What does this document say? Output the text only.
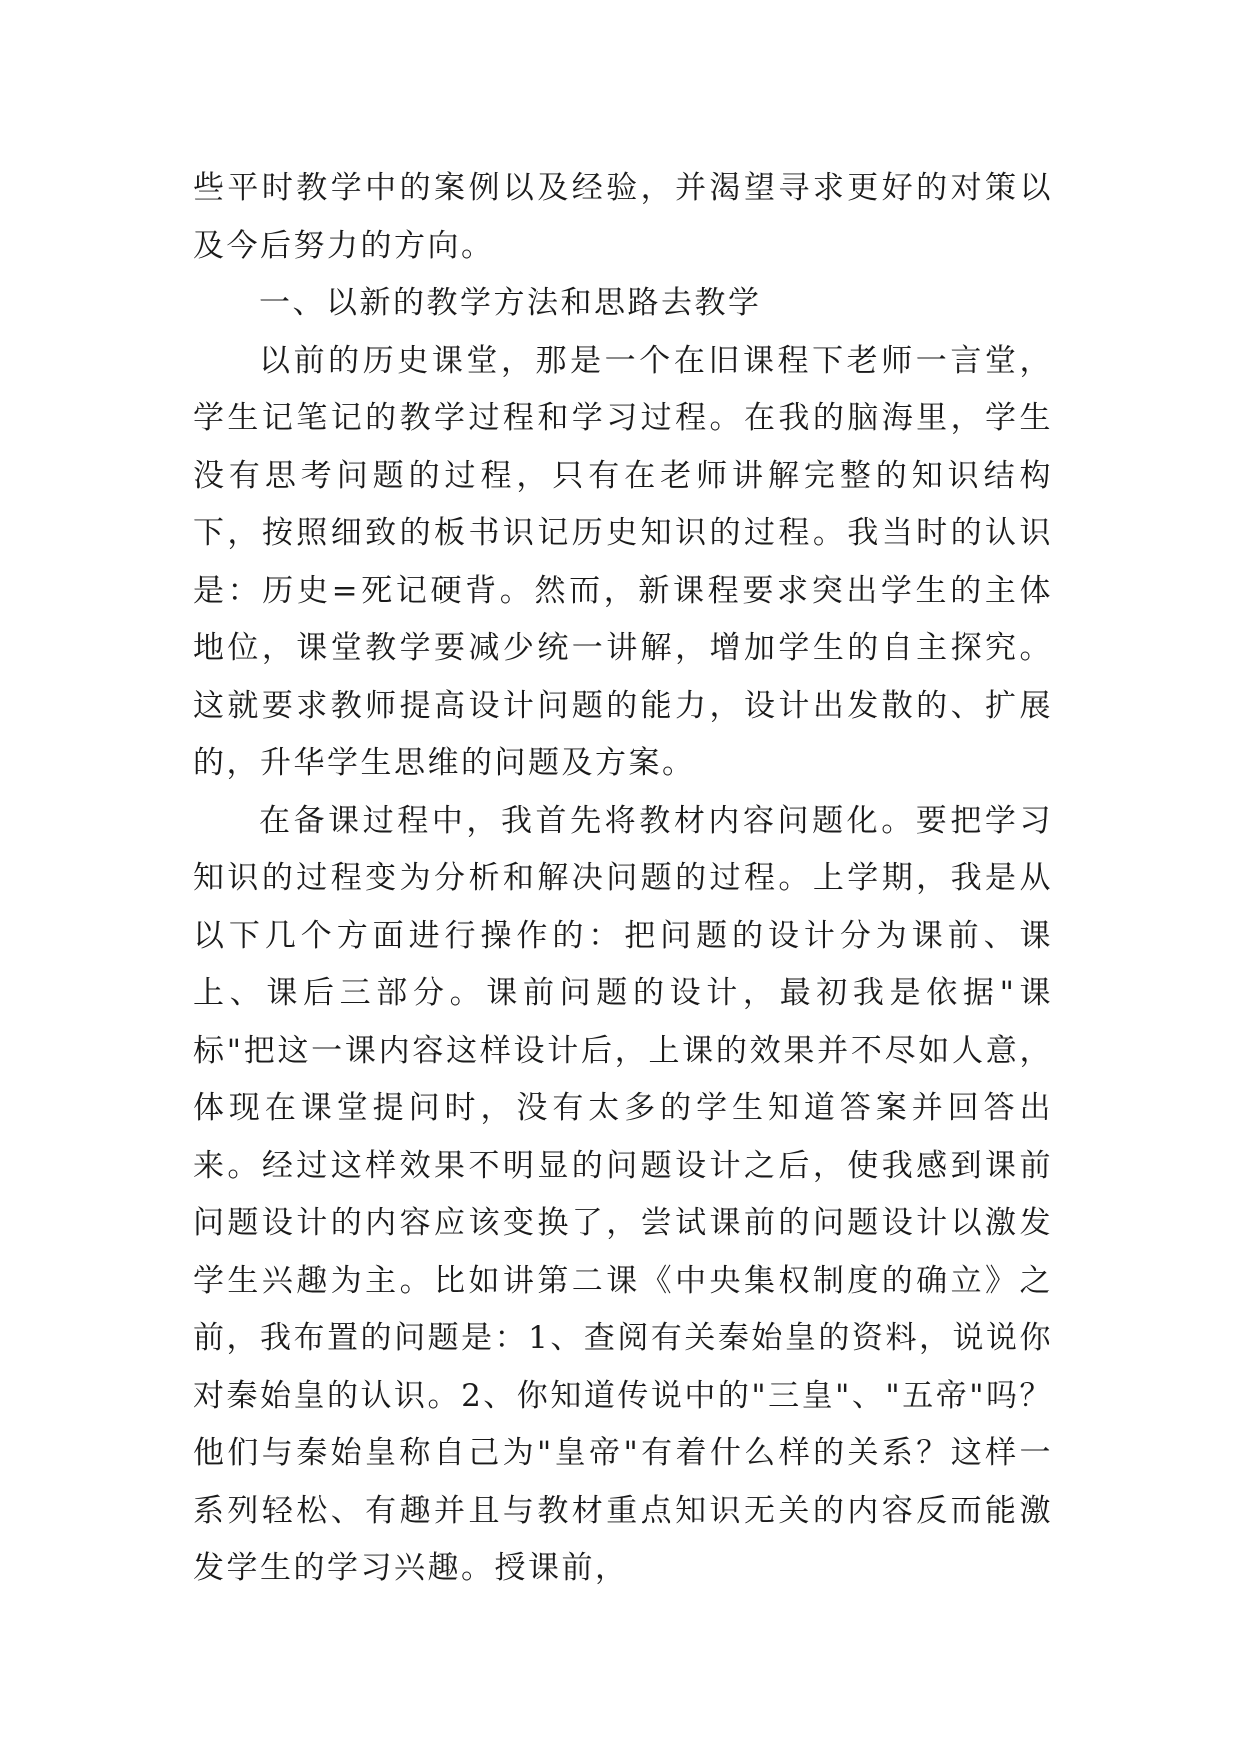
些平时教学中的案例以及经验，并渴望寻求更好的对策以及今后努力的方向。

一、以新的教学方法和思路去教学

以前的历史课堂，那是一个在旧课程下老师一言堂，学生记笔记的教学过程和学习过程。在我的脑海里，学生没有思考问题的过程，只有在老师讲解完整的知识结构下，按照细致的板书识记历史知识的过程。我当时的认识是：历史=死记硬背。然而，新课程要求突出学生的主体地位，课堂教学要减少统一讲解，增加学生的自主探究。这就要求教师提高设计问题的能力，设计出发散的、扩展的，升华学生思维的问题及方案。

在备课过程中，我首先将教材内容问题化。要把学习知识的过程变为分析和解决问题的过程。上学期，我是从以下几个方面进行操作的：把问题的设计分为课前、课上、课后三部分。课前问题的设计，最初我是依据"课标"把这一课内容这样设计后，上课的效果并不尽如人意，体现在课堂提问时，没有太多的学生知道答案并回答出来。经过这样效果不明显的问题设计之后，使我感到课前问题设计的内容应该变换了，尝试课前的问题设计以激发学生兴趣为主。比如讲第二课《中央集权制度的确立》之前，我布置的问题是：1、查阅有关秦始皇的资料，说说你对秦始皇的认识。2、你知道传说中的"三皇"、"五帝"吗？他们与秦始皇称自己为"皇帝"有着什么样的关系？这样一系列轻松、有趣并且与教材重点知识无关的内容反而能激发学生的学习兴趣。授课前，
